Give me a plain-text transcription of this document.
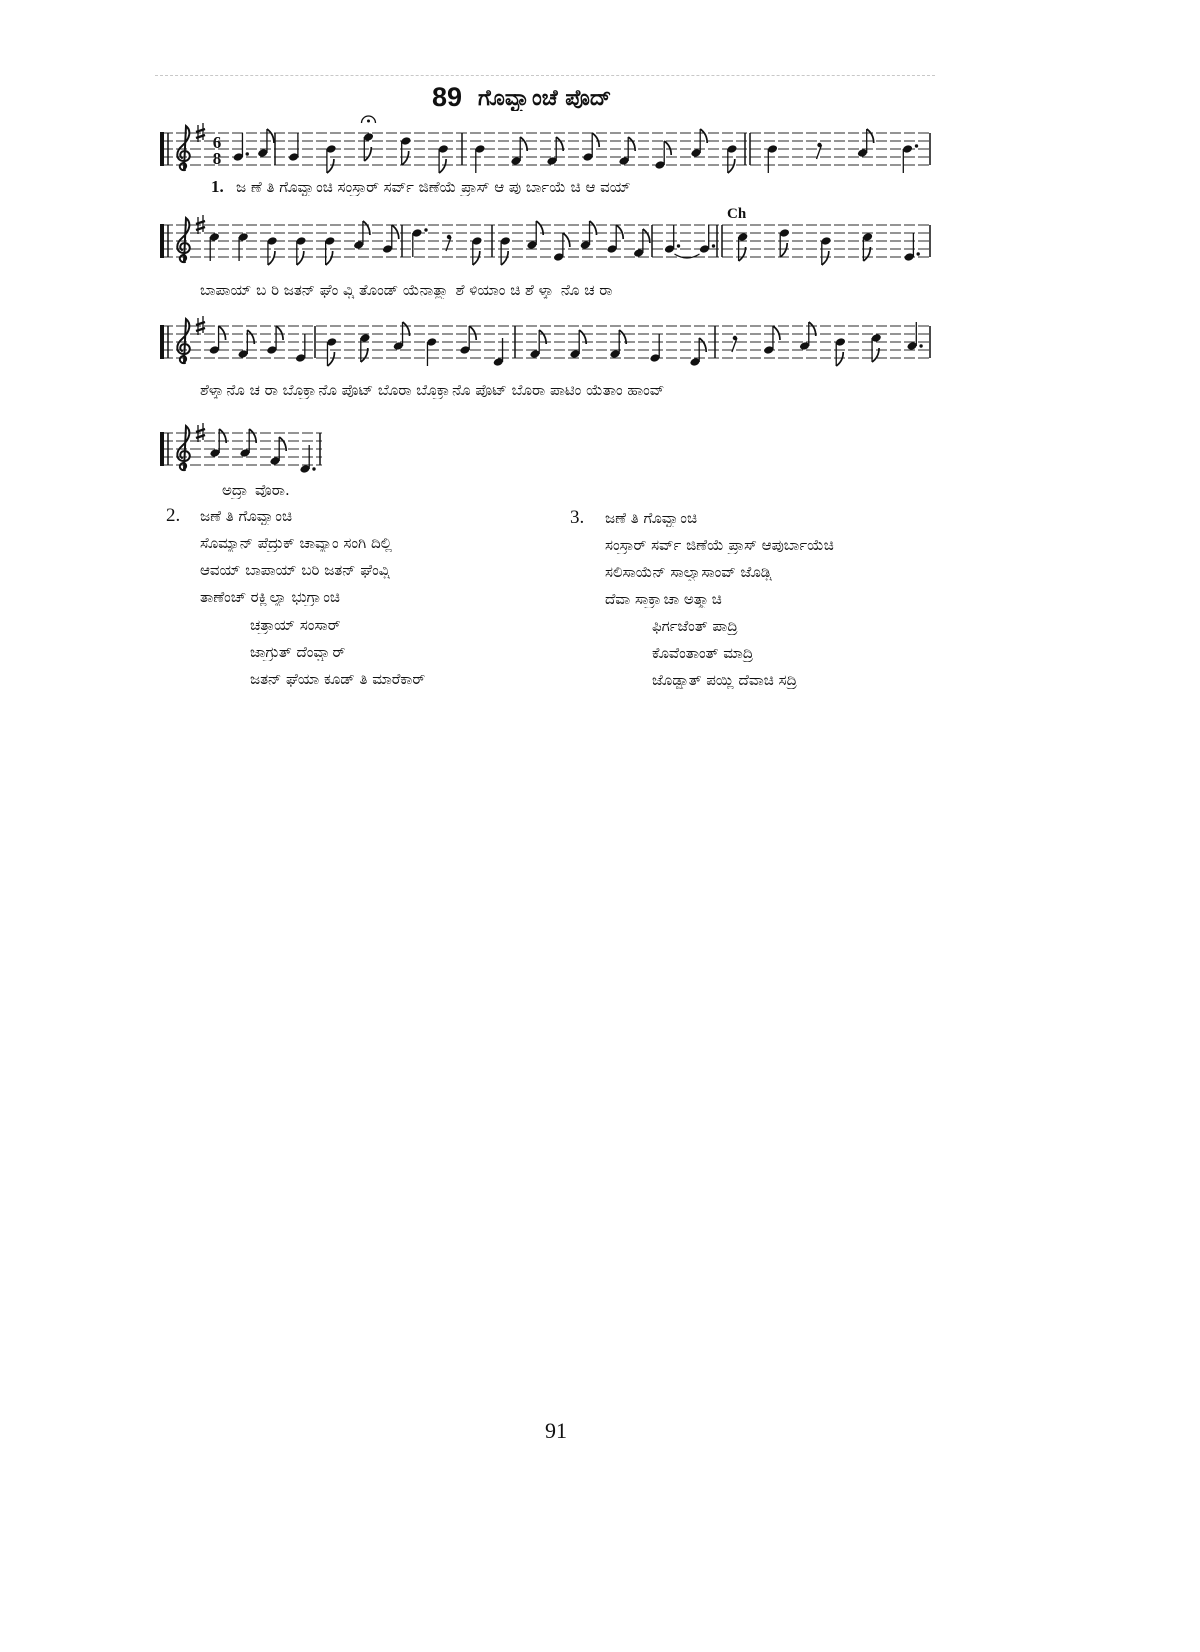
89 ಗೊವ್ಳ್ಯಾಂಚೆ ಪೊದ್
6
8
Ch
1. ಜ ಣೆ ತಿ ಗೊವ್ಳ್ಯಾಂಚಿ ಸಂಸ್ರಾರ್ ಸರ್ವ್ ಜಿಣೆಯೆ ಪ್ರಾಸ್ ಆ ಪು ರ್ಬಾಯೆ ಚಿ ಆ ವಯ್
ಬಾಪಾಯ್ ಬ ರಿ ಜತನ್ ಘೆಂ ವ್ಚಿ ತೊಂಡ್ ಯೆನಾತ್ಲ್ಯಾ ಶೆ ಳಿಯಾಂ ಚಿ ಶೆ ಳ್ಕ್ಯಾ ನೊ ಚ ರಾ
ಶೆಳ್ಕ್ಯಾನೊ ಚ ರಾ ಬೊಕ್ರ್ಯಾನೊ ಪೊಟ್ ಬೊರಾ ಬೊಕ್ರ್ಯಾನೊ ಪೊಟ್ ಬೊರಾ ಪಾಟಿಂ ಯೆತಾಂ ಹಾಂವ್
ಅದ್ರ್ಯಾ ವೊರಾ.
2. ಜಣೆ ತಿ ಗೊವ್ಳ್ಯಾಂಚಿ
ಸೊಮ್ಯಾನ್ ಪೆದ್ರುಕ್ ಚಾವ್ಯಾಂ ಸಂಗಿ ದಿಲ್ಲಿ
ಆವಯ್ ಬಾಪಾಯ್ ಬರಿ ಜತನ್ ಘೆಂವ್ಚಿ
ತಾಣೆಂಚ್ ರಕ್ಲ್ಲಿಲ್ಯಾ ಭುಗ್ರ್ಯಾಂಚಿ
ಚತ್ರಾಯ್ ಸಂಸಾರ್
ಜಾಗ್ರುತ್ ದೆಂವ್ಚ್ಯಾರ್
ಜತನ್ ಘೆಯಾ ಕೂಡ್ ತಿ ಮಾರೆಕಾರ್
3. ಜಣೆ ತಿ ಗೊವ್ಳ್ಯಾಂಚಿ
ಸಂಸ್ರಾರ್ ಸರ್ವ್ ಜಿಣೆಯೆ ಪ್ರಾಸ್ ಆಪುರ್ಬಾಯೆಚಿ
ಸಲಿಸಾಯೆನ್ ಸಾಲ್ವಾಸಾಂವ್ ಜೊಡ್ಚಿ
ದೆವಾ ಸಾಕ್ರ್ಯಾಚಾ ಅತ್ಮ್ಯಾಚಿ
ಫಿರ್ಗಜೆಂತ್ ಪಾದ್ರಿ
ಕೊವೆಂತಾಂತ್ ಮಾದ್ರಿ
ಜೊಡ್ಪ್ರಾತ್ ಪಯ್ಲಿ ದೆವಾಚಿ ಸದ್ರಿ
91
